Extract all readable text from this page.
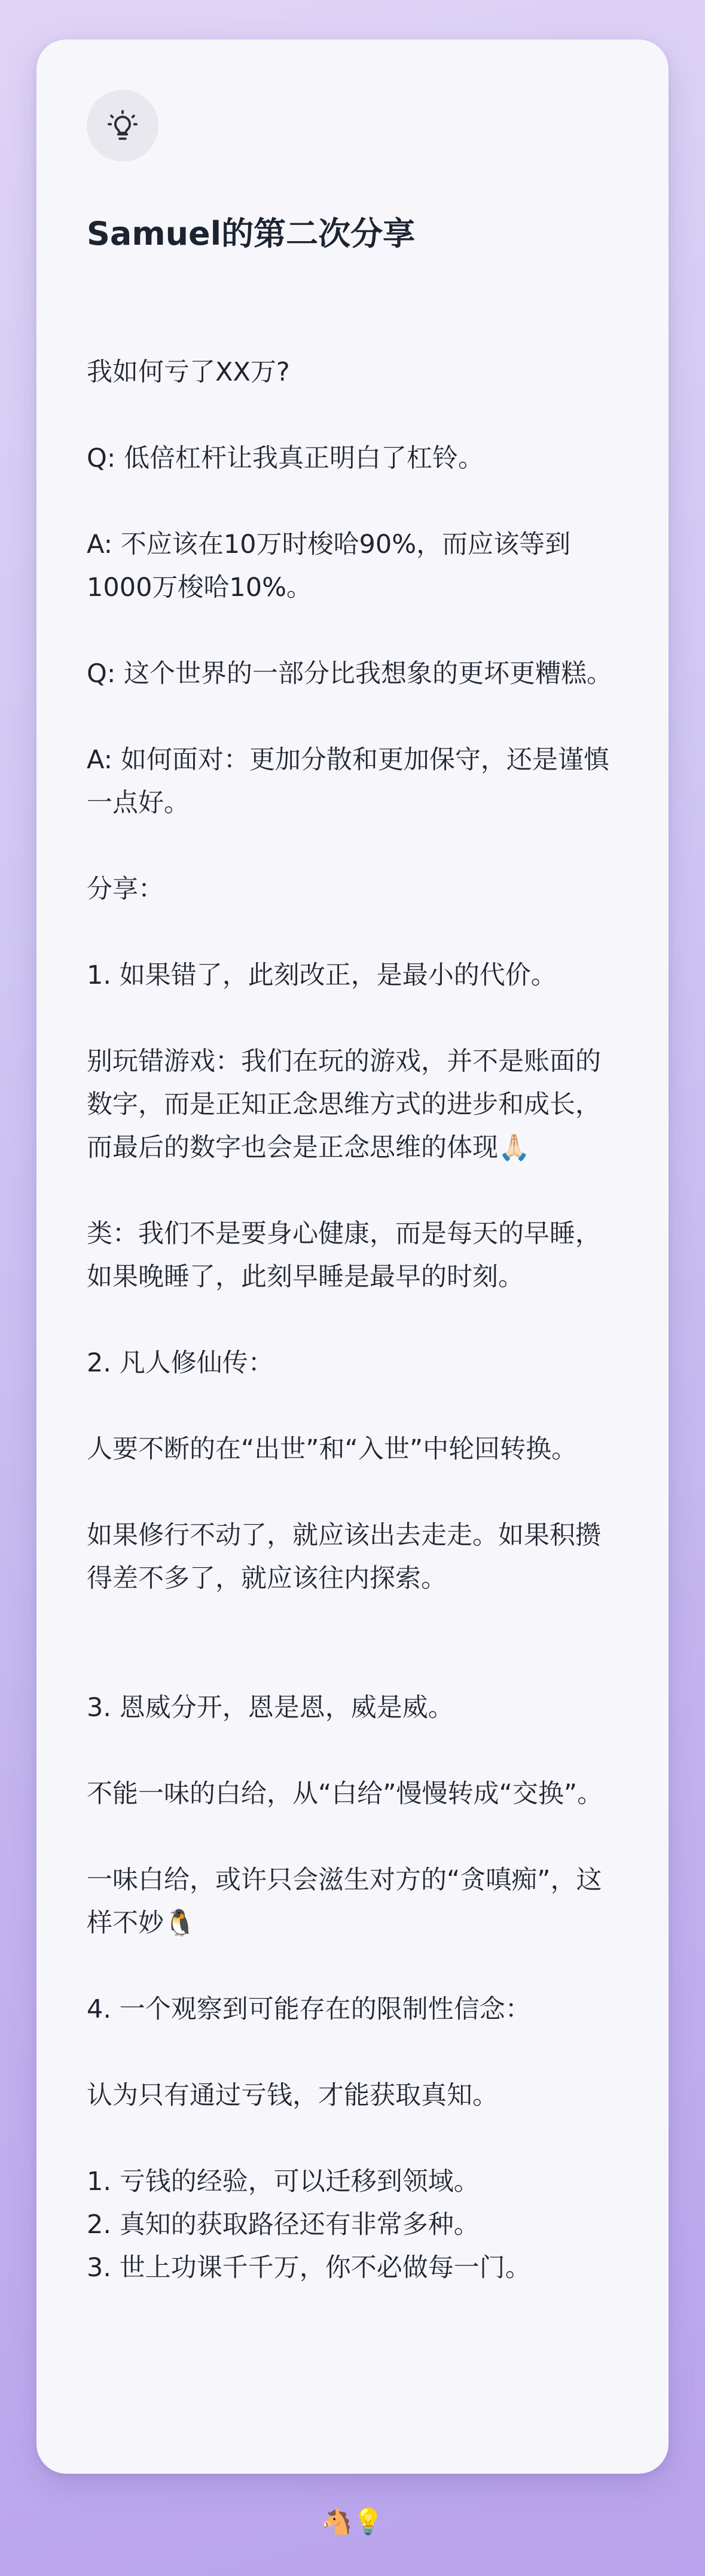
Samuel的第二次分享

我如何亏了XX万?

Q: 低倍杠杆让我真正明白了杠铃。

A: 不应该在10万时梭哈90%，而应该等到1000万梭哈10%。

Q: 这个世界的一部分比我想象的更坏更糟糕。

A: 如何面对：更加分散和更加保守，还是谨慎一点好。

分享：

1. 如果错了，此刻改正，是最小的代价。

别玩错游戏：我们在玩的游戏，并不是账面的数字，而是正知正念思维方式的进步和成长，而最后的数字也会是正念思维的体现🙏🏻

类：我们不是要身心健康，而是每天的早睡，如果晚睡了，此刻早睡是最早的时刻。

2. 凡人修仙传：

人要不断的在“出世”和“入世”中轮回转换。

如果修行不动了，就应该出去走走。如果积攒得差不多了，就应该往内探索。

3. 恩威分开，恩是恩，威是威。

不能一味的白给，从“白给”慢慢转成“交换”。

一味白给，或许只会滋生对方的“贪嗔痴”，这样不妙🐧

4. 一个观察到可能存在的限制性信念：

认为只有通过亏钱，才能获取真知。

1. 亏钱的经验，可以迁移到领域。
2. 真知的获取路径还有非常多种。
3. 世上功课千千万，你不必做每一门。

🐴💡
